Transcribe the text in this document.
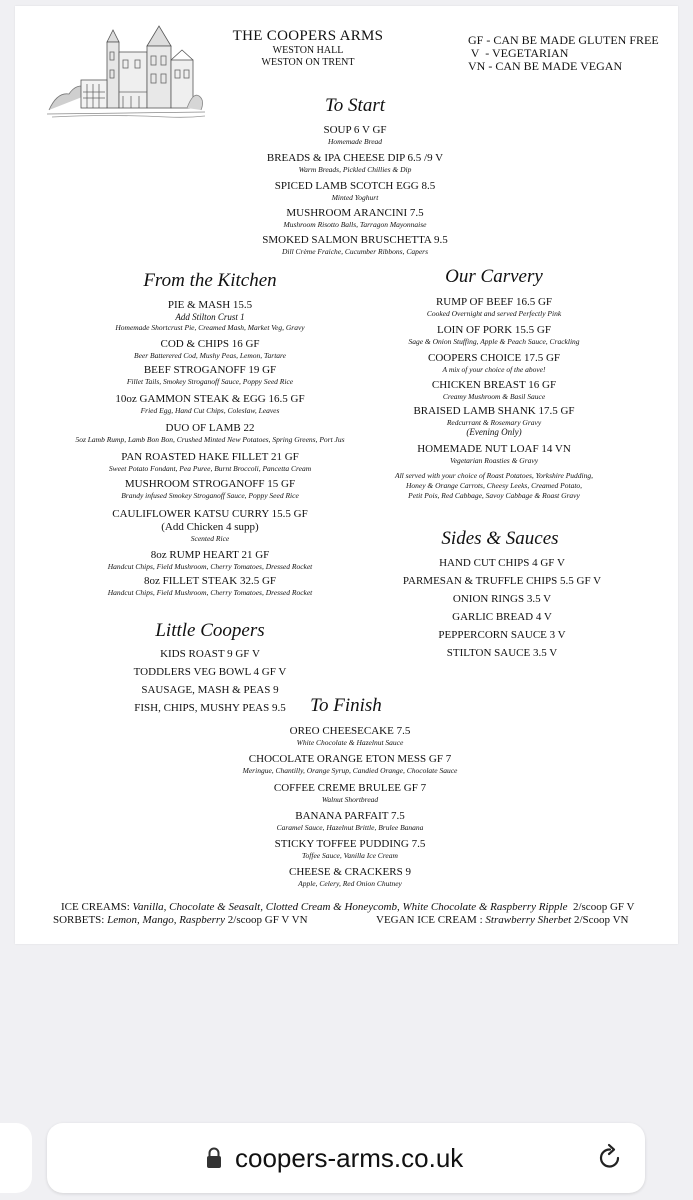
THE COOPERS ARMS
WESTON HALL
WESTON ON TRENT
GF - CAN BE MADE GLUTEN FREE
V  - VEGETARIAN
VN - CAN BE MADE VEGAN
To Start
SOUP 6 V GF
Homemade Bread
BREADS & IPA CHEESE DIP 6.5 /9 V
Warm Breads, Pickled Chillies & Dip
SPICED LAMB SCOTCH EGG 8.5
Minted Yoghurt
MUSHROOM ARANCINI 7.5
Mushroom Risotto Balls, Tarragon Mayonnaise
SMOKED SALMON BRUSCHETTA 9.5
Dill Crème Fraiche, Cucumber Ribbons, Capers
From the Kitchen
PIE & MASH 15.5
Add Stilton Crust 1
Homemade Shortcrust Pie, Creamed Mash, Market Veg, Gravy
COD & CHIPS 16 GF
Beer Batterered Cod, Mushy Peas, Lemon, Tartare
BEEF STROGANOFF 19 GF
Fillet Tails, Smokey Stroganoff Sauce, Poppy Seed Rice
10oz GAMMON STEAK & EGG 16.5 GF
Fried Egg, Hand Cut Chips, Coleslaw, Leaves
DUO OF LAMB 22
5oz Lamb Rump, Lamb Bon Bon, Crushed Minted New Potatoes, Spring Greens, Port Jus
PAN ROASTED HAKE FILLET 21 GF
Sweet Potato Fondant, Pea Puree, Burnt Broccoli, Pancetta Cream
MUSHROOM STROGANOFF 15 GF
Brandy infused Smokey Stroganoff Sauce, Poppy Seed Rice
CAULIFLOWER KATSU CURRY 15.5 GF
(Add Chicken 4 supp)
Scented Rice
8oz RUMP HEART 21 GF
Handcut Chips, Field Mushroom, Cherry Tomatoes, Dressed Rocket
8oz FILLET STEAK 32.5 GF
Handcut Chips, Field Mushroom, Cherry Tomatoes, Dressed Rocket
Our Carvery
RUMP OF BEEF 16.5 GF
Cooked Overnight and served Perfectly Pink
LOIN OF PORK 15.5 GF
Sage & Onion Stuffing, Apple & Peach Sauce, Crackling
COOPERS CHOICE 17.5 GF
A mix of your choice of the above!
CHICKEN BREAST 16 GF
Creamy Mushroom & Basil Sauce
BRAISED LAMB SHANK 17.5 GF
Redcurrant & Rosemary Gravy
(Evening Only)
HOMEMADE NUT LOAF 14 VN
Vegetarian Roasties & Gravy
All served with your choice of Roast Potatoes, Yorkshire Pudding,
Honey & Orange Carrots, Cheesy Leeks, Creamed Potato,
Petit Pois, Red Cabbage, Savoy Cabbage & Roast Gravy
Sides & Sauces
HAND CUT CHIPS 4 GF V
PARMESAN & TRUFFLE CHIPS 5.5 GF V
ONION RINGS 3.5 V
GARLIC BREAD 4 V
PEPPERCORN SAUCE 3 V
STILTON SAUCE 3.5 V
Little Coopers
KIDS ROAST 9 GF V
TODDLERS VEG BOWL 4 GF V
SAUSAGE, MASH & PEAS 9
FISH, CHIPS, MUSHY PEAS 9.5	To Finish
OREO CHEESECAKE 7.5
White Chocolate & Hazelnut Sauce
CHOCOLATE ORANGE ETON MESS GF 7
Meringue, Chantilly, Orange Syrup, Candied Orange, Chocolate Sauce
COFFEE CREME BRULEE GF 7
Walnut Shortbread
BANANA PARFAIT 7.5
Caramel Sauce, Hazelnut Brittle, Brulee Banana
STICKY TOFFEE PUDDING 7.5
Toffee Sauce, Vanilla Ice Cream
CHEESE & CRACKERS 9
Apple, Celery, Red Onion Chutney
ICE CREAMS: Vanilla, Chocolate & Seasalt, Clotted Cream & Honeycomb, White Chocolate & Raspberry Ripple 2/scoop GF V
SORBETS: Lemon, Mango, Raspberry 2/scoop GF V VN	VEGAN ICE CREAM : Strawberry Sherbet 2/Scoop VN
coopers-arms.co.uk
